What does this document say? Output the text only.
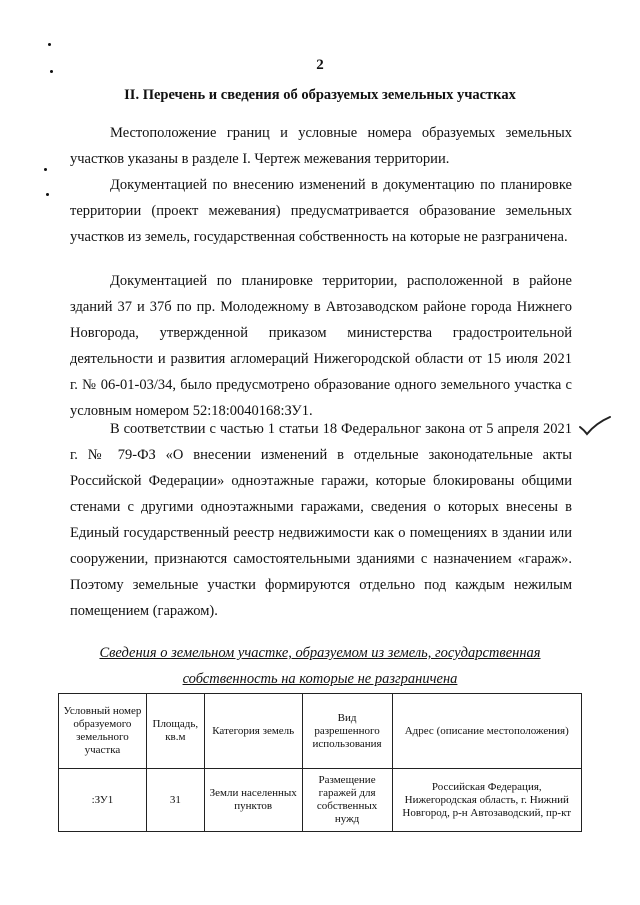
2
II. Перечень и сведения об образуемых земельных участках

Местоположение границ и условные номера образуемых земельных участков указаны в разделе I. Чертеж межевания территории.

Документацией по внесению изменений в документацию по планировке территории (проект межевания) предусматривается образование земельных участков из земель, государственная собственность на которые не разграничена.

Документацией по планировке территории, расположенной в районе зданий 37 и 37б по пр. Молодежному в Автозаводском районе города Нижнего Новгорода, утвержденной приказом министерства градостроительной деятельности и развития агломераций Нижегородской области от 15 июля 2021 г. № 06-01-03/34, было предусмотрено образование одного земельного участка с условным номером 52:18:0040168:ЗУ1.

В соответствии с частью 1 статьи 18 Федеральног закона от 5 апреля 2021 г. № 79-ФЗ «О внесении изменений в отдельные законодательные акты Российской Федерации» одноэтажные гаражи, которые блокированы общими стенами с другими одноэтажными гаражами, сведения о которых внесены в Единый государственный реестр недвижимости как о помещениях в здании или сооружении, признаются самостоятельными зданиями с назначением «гараж». Поэтому земельные участки формируются отдельно под каждым нежилым помещением (гаражом).

Сведения о земельном участке, образуемом из земель, государственная собственность на которые не разграничена

Условный номер образуемого земельного участка	Площадь, кв.м	Категория земель	Вид разрешенного использования	Адрес (описание местоположения)
:ЗУ1	31	Земли населенных пунктов	Размещение гаражей для собственных нужд	Российская Федерация, Нижегородская область, г. Нижний Новгород, р-н Автозаводский, пр-кт
